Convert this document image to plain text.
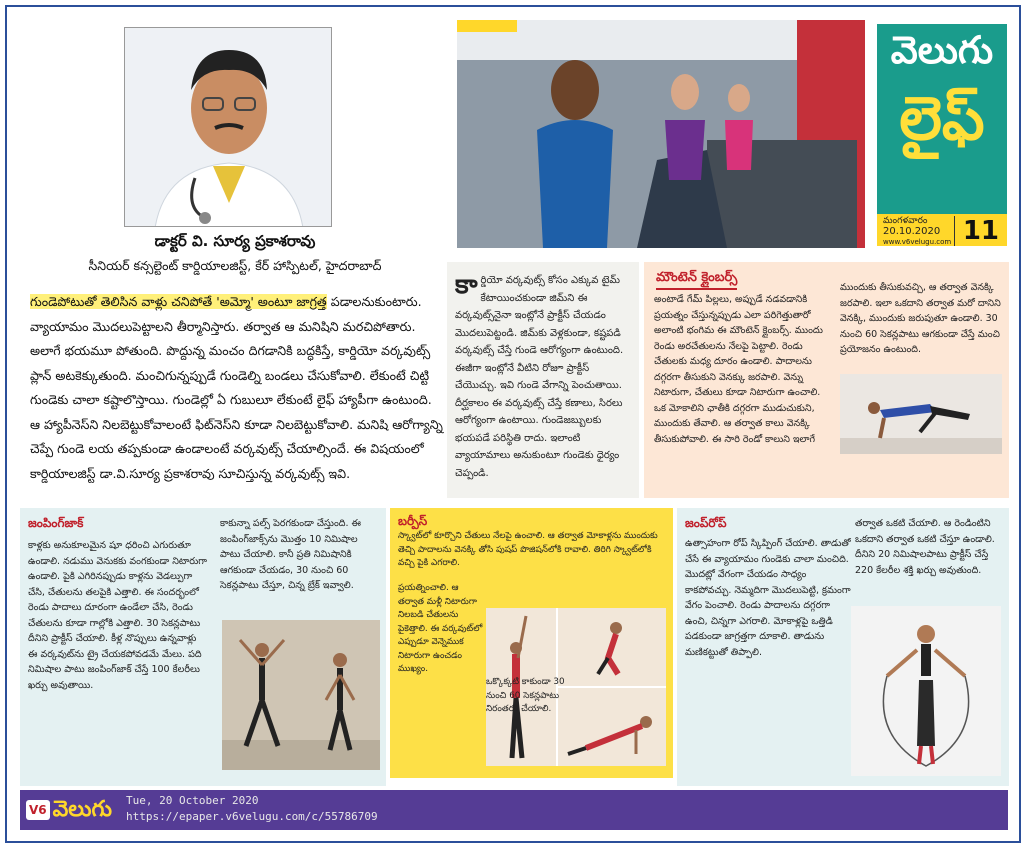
డాక్టర్ వి. సూర్య ప్రకాశరావు
సీనియర్ కన్సల్టెంట్ కార్డియాలజిస్ట్, కేర్ హాస్పిటల్, హైదరాబాద్
గుండెపోటుతో తెలిసిన వాళ్లు చనిపోతే 'అమ్మో' అంటూ జాగ్రత్త పడాలనుకుంటారు. వ్యాయామం మొదలుపెట్టాలని తీర్మానిస్తారు. తర్వాత ఆ మనిషిని మరచిపోతారు. అలాగే భయమూ పోతుంది. పొద్దున్న మంచం దిగడానికి బద్ధకిస్తే, కార్డియో వర్కవుట్స్ ప్లాన్ అటకెక్కుతుంది. మంచిగున్నప్పుడే గుండెల్ని బండలు చేసుకోవాలి. లేకుంటే చిట్టి గుండెకు చాలా కష్టాలొస్తాయి. గుండెల్లో ఏ గుబులూ లేకుంటే లైఫ్ హ్యాపీగా ఉంటుంది. ఆ హ్యాపీనెస్‌ని నిలబెట్టుకోవాలంటే ఫిట్‌నెస్‌ని కూడా నిలబెట్టుకోవాలి. మనిషి ఆరోగ్యాన్ని చెప్పే గుండె లయ తప్పకుండా ఉండాలంటే వర్కవుట్స్ చేయాల్సిందే. ఈ విషయంలో కార్డియాలజిస్ట్ డా.వి.సూర్య ప్రకాశరావు సూచిస్తున్న వర్కవుట్స్ ఇవి.
వెలుగు
లైఫ్
మంగళవారం
20.10.2020
www.v6velugu.com 11
కార్డియో వర్కవుట్స్ కోసం ఎక్కువ టైమ్ కేటాయించకుండా జిమ్‌ని ఈ వర్కవుట్స్‌నైనా ఇంట్లోనే ప్రాక్టీస్ చేయడం మొదలుపెట్టండి. జిమ్‌కు వెళ్లకుండా, కష్టపడి వర్కవుట్స్ చేస్తే గుండె ఆరోగ్యంగా ఉంటుంది. ఈజీగా ఇంట్లోనే వీటిని రోజూ ప్రాక్టీస్ చేయొచ్చు. ఇవి గుండె వేగాన్ని పెంచుతాయి. దీర్ఘకాలం ఈ వర్కవుట్స్ చేస్తే కణాలు, సిరలు ఆరోగ్యంగా ఉంటాయి. గుండెజబ్బులకు భయపడే పరిస్థితి రాదు. ఇలాంటి వ్యాయామాలు అనుకుంటూ గుండెకు ధైర్యం చెప్పండి.
మౌంటెన్ క్లైంబర్స్
అంటాడే గేమ్ పిల్లలు, అప్పుడే నడవడానికి ప్రయత్నం చేస్తున్నప్పుడు ఎలా పరిగెత్తుతారో అలాంటి భంగిమ ఈ మౌంటెన్ క్లైంబర్స్. ముందు రెండు అరచేతులను నేలపై పెట్టాలి. రెండు చేతులకు మధ్య దూరం ఉండాలి. పాదాలను దగ్గరగా తీసుకుని వెనక్కు జరపాలి. వెన్ను నిటారుగా, చేతులు కూడా నిటారుగా ఉంచాలి. ఒక మోకాలిని ఛాతీకి దగ్గరగా ముడుచుకుని, ముందుకు తేవాలి. ఆ తర్వాత కాలు వెనక్కి తీసుకుపోవాలి. ఈ సారి రెండో కాలుని ఇలాగే
ముందుకు తీసుకువచ్చి, ఆ తర్వాత వెనక్కి జరపాలి. ఇలా ఒకదాని తర్వాత మరో దానిని వెనక్కి, ముందుకు జరుపుతూ ఉండాలి. 30 నుంచి 60 సెకన్లపాటు ఆగకుండా చేస్తే మంచి ప్రయోజనం ఉంటుంది.
జంపింగ్‌జాక్
కాళ్లకు అనుకూలమైన షూ ధరించి ఎగురుతూ ఉండాలి. నడుము వెనుకకు వంగకుండా నిటారుగా ఉండాలి. పైకి ఎగిరినప్పుడు కాళ్లను వెడల్పుగా చేసి, చేతులను తలపైకి ఎత్తాలి. ఈ సందర్భంలో రెండు పాదాలు దూరంగా ఉండేలా చేసి, రెండు చేతులను కూడా గాల్లోకి ఎత్తాలి. 30 సెకన్లపాటు దీనిని ప్రాక్టీస్ చేయాలి. కీళ్ల నొప్పులు ఉన్నవాళ్లు ఈ వర్కవుట్‌ను ట్రై చేయకపోవడమే మేలు. పది నిమిషాల పాటు జంపింగ్‌జాక్ చేస్తే 100 కేలరీలు ఖర్చు అవుతాయి.
కాకున్నా పల్స్ పెరగకుండా చేస్తుంది. ఈ జంపింగ్‌జాక్స్‌ను మొత్తం 10 నిమిషాల పాటు చేయాలి. కానీ ప్రతి నిమిషానికి ఆగకుండా చేయడం, 30 నుంచి 60 సెకన్లపాటు చేస్తూ, చిన్న బ్రేక్ ఇవ్వాలి.
బర్పీస్
స్క్వాట్‌లో కూర్చొని చేతులు నేలపై ఉంచాలి. ఆ తర్వాత మోకాళ్లను ముందుకు తెచ్చి పాదాలను వెనక్కి తోసి పుషప్ పొజిషన్‌లోకి రావాలి. తిరిగి స్క్వాట్‌లోకి వచ్చి పైకి ఎగరాలి.
ప్రయత్నించాలి. ఆ తర్వాత మళ్లీ నిటారుగా నిలబడి చేతులను పైకెత్తాలి. ఈ వర్కవుట్‌లో ఎప్పుడూ వెన్నెముక నిటారుగా ఉంచడం ముఖ్యం.
ఒక్కొక్కటి కాకుండా 30 నుంచి 60 సెకన్లపాటు నిరంతరం చేయాలి.
జంప్‌రోప్
ఉత్సాహంగా రోప్ స్కిప్పింగ్ చేయాలి. తాడుతో చేసే ఈ వ్యాయామం గుండెకు చాలా మంచిది. మొదట్లో వేగంగా చేయడం సాధ్యం కాకపోవచ్చు. నెమ్మదిగా మొదలుపెట్టి, క్రమంగా వేగం పెంచాలి. రెండు పాదాలను దగ్గరగా ఉంచి, చిన్నగా ఎగరాలి. మోకాళ్లపై ఒత్తిడి పడకుండా జాగ్రత్తగా దూకాలి. తాడును మణికట్టుతో తిప్పాలి.
తర్వాత ఒకటి చేయాలి. ఆ రెండింటిని ఒకదాని తర్వాత ఒకటి చేస్తూ ఉండాలి. దీనిని 20 నిమిషాలపాటు ప్రాక్టీస్ చేస్తే 220 కేలరీల శక్తి ఖర్చు అవుతుంది.
V6 వెలుగు	Tue, 20 October 2020
https://epaper.v6velugu.com/c/55786709
